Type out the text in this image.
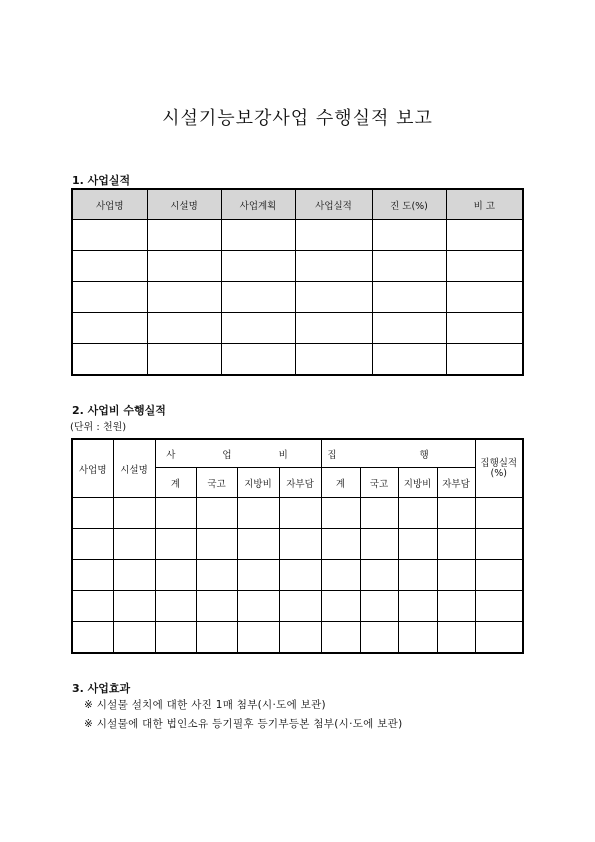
시설기능보강사업 수행실적 보고
1. 사업실적
사업명	시설명	사업계획	사업실적	진 도(%)	비 고

2. 사업비 수행실적
(단위 : 천원)
사업명	시설명	사 업 비				집 행				집행실적(%)
		계	국고	지방비	자부담	계	국고	지방비	자부담	

3. 사업효과
※ 시설물 설치에 대한 사진 1매 첨부(시·도에 보관)
※ 시설물에 대한 법인소유 등기필후 등기부등본 첨부(시·도에 보관)
